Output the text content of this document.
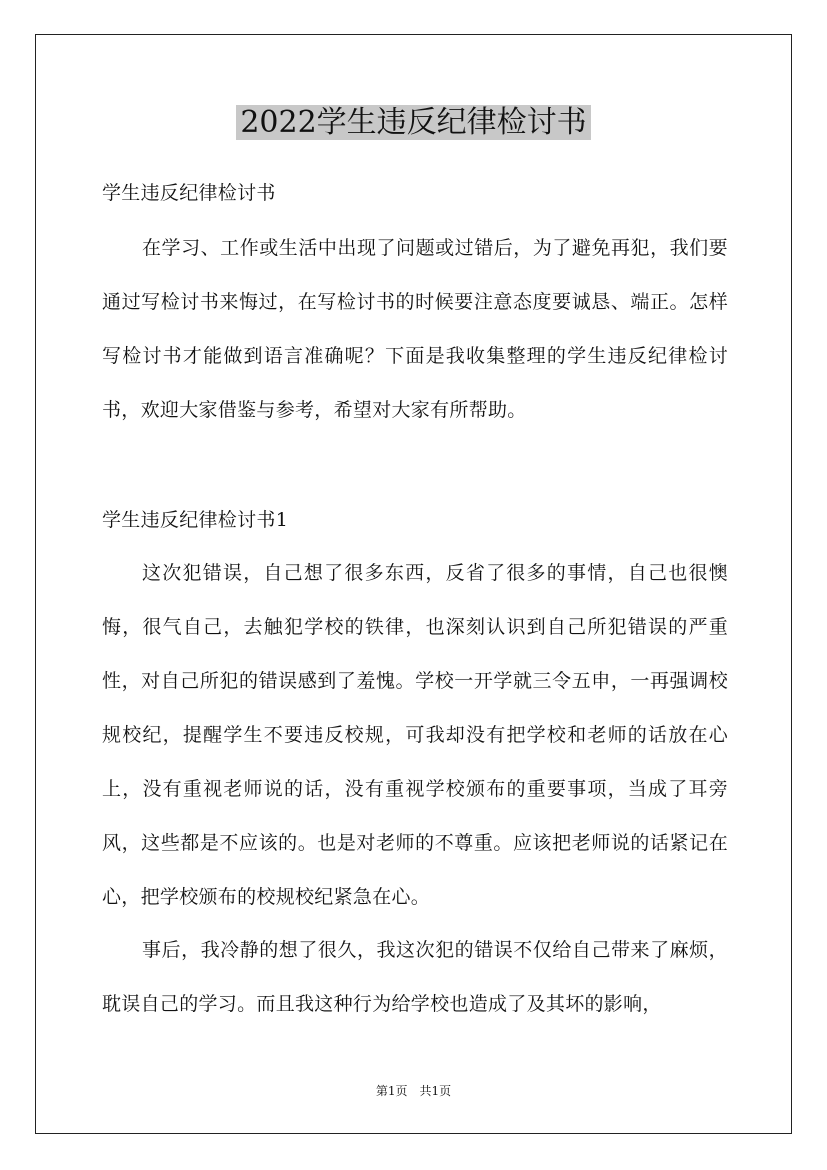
2022学生违反纪律检讨书
学生违反纪律检讨书
在学习、工作或生活中出现了问题或过错后，为了避免再犯，我们要通过写检讨书来悔过，在写检讨书的时候要注意态度要诚恳、端正。怎样写检讨书才能做到语言准确呢？下面是我收集整理的学生违反纪律检讨书，欢迎大家借鉴与参考，希望对大家有所帮助。
学生违反纪律检讨书1
这次犯错误，自己想了很多东西，反省了很多的事情，自己也很懊悔，很气自己，去触犯学校的铁律，也深刻认识到自己所犯错误的严重性，对自己所犯的错误感到了羞愧。学校一开学就三令五申，一再强调校规校纪，提醒学生不要违反校规，可我却没有把学校和老师的话放在心上，没有重视老师说的话，没有重视学校颁布的重要事项，当成了耳旁风，这些都是不应该的。也是对老师的不尊重。应该把老师说的话紧记在心，把学校颁布的校规校纪紧急在心。
事后，我冷静的想了很久，我这次犯的错误不仅给自己带来了麻烦，耽误自己的学习。而且我这种行为给学校也造成了及其坏的影响，
第1页　共1页
